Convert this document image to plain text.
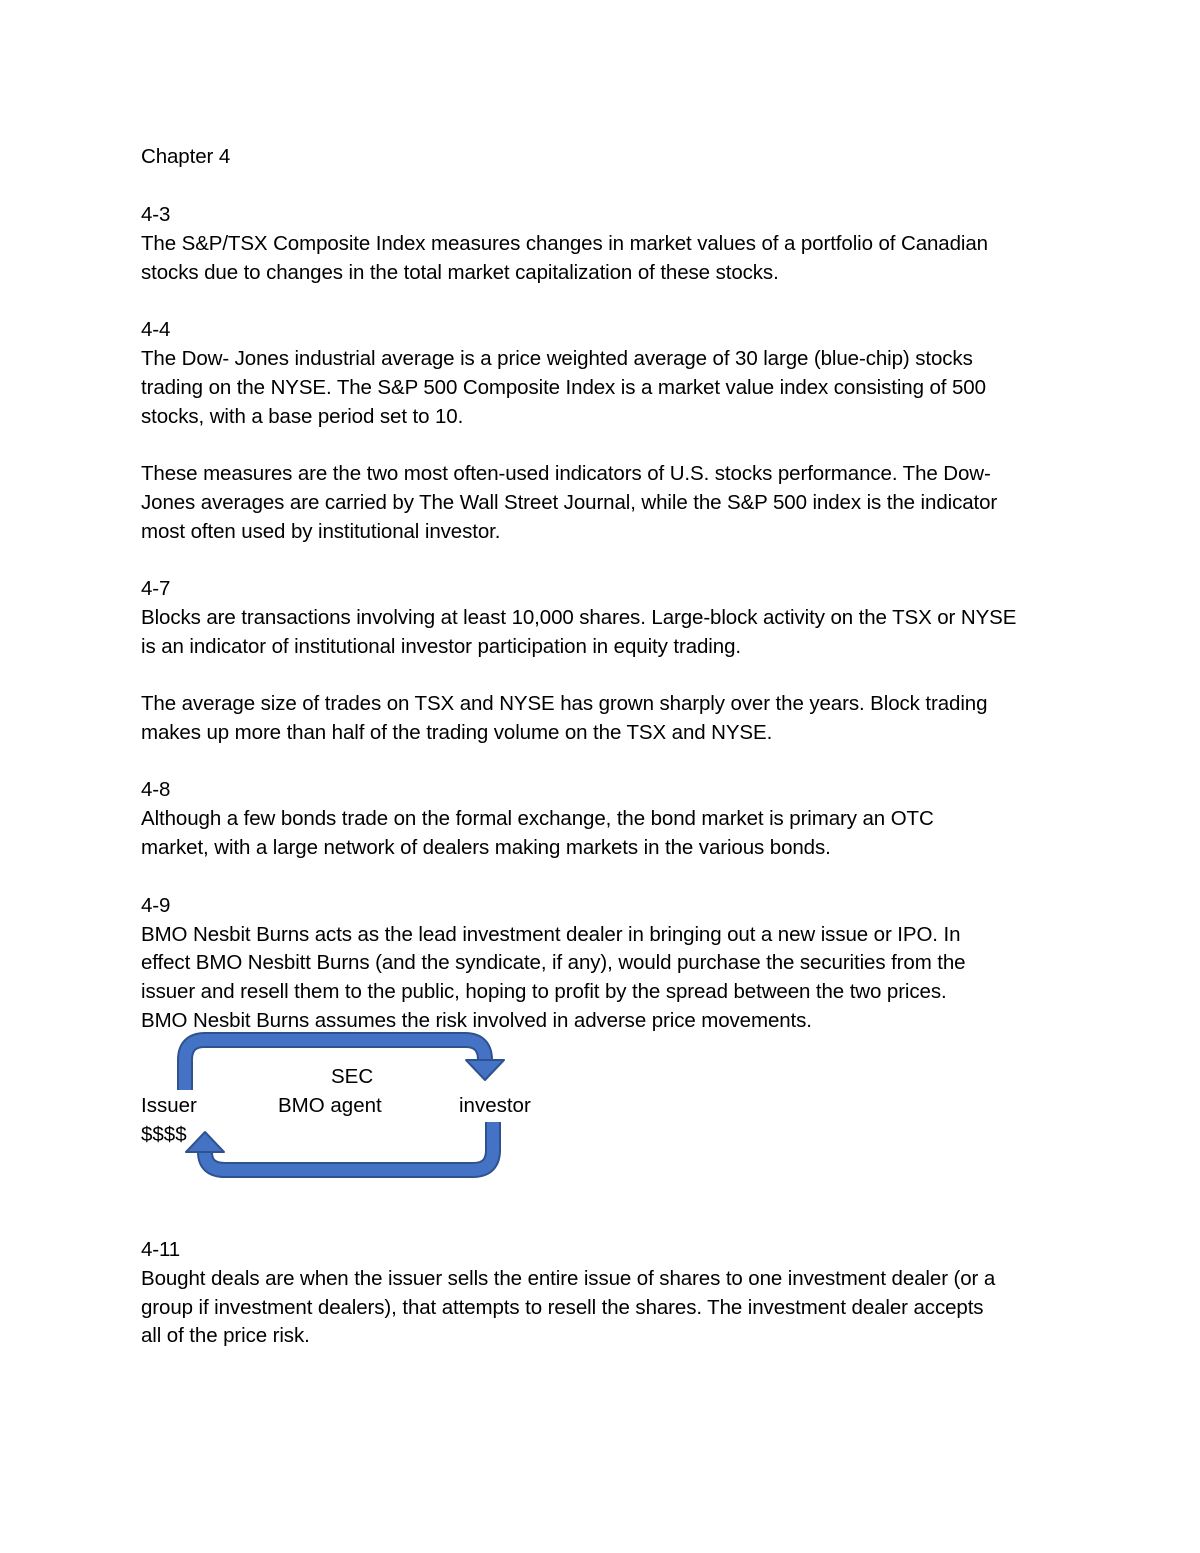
Chapter 4
4-3
The S&P/TSX Composite Index measures changes in market values of a portfolio of Canadian
stocks due to changes in the total market capitalization of these stocks.
4-4
The Dow- Jones industrial average is a price weighted average of 30 large (blue-chip) stocks
trading on the NYSE. The S&P 500 Composite Index is a market value index consisting of 500
stocks, with a base period set to 10.
These measures are the two most often-used indicators of U.S. stocks performance. The Dow-
Jones averages are carried by The Wall Street Journal, while the S&P 500 index is the indicator
most often used by institutional investor.
4-7
Blocks are transactions involving at least 10,000 shares. Large-block activity on the TSX or NYSE
is an indicator of institutional investor participation in equity trading.
The average size of trades on TSX and NYSE has grown sharply over the years. Block trading
makes up more than half of the trading volume on the TSX and NYSE.
4-8
Although a few bonds trade on the formal exchange, the bond market is primary an OTC
market, with a large network of dealers making markets in the various bonds.
4-9
BMO Nesbit Burns acts as the lead investment dealer in bringing out a new issue or IPO. In
effect BMO Nesbitt Burns (and the syndicate, if any), would purchase the securities from the
issuer and resell them to the public, hoping to profit by the spread between the two prices.
BMO Nesbit Burns assumes the risk involved in adverse price movements.
SEC
Issuer	BMO agent	investor
$$$$
4-11
Bought deals are when the issuer sells the entire issue of shares to one investment dealer (or a
group if investment dealers), that attempts to resell the shares. The investment dealer accepts
all of the price risk.
